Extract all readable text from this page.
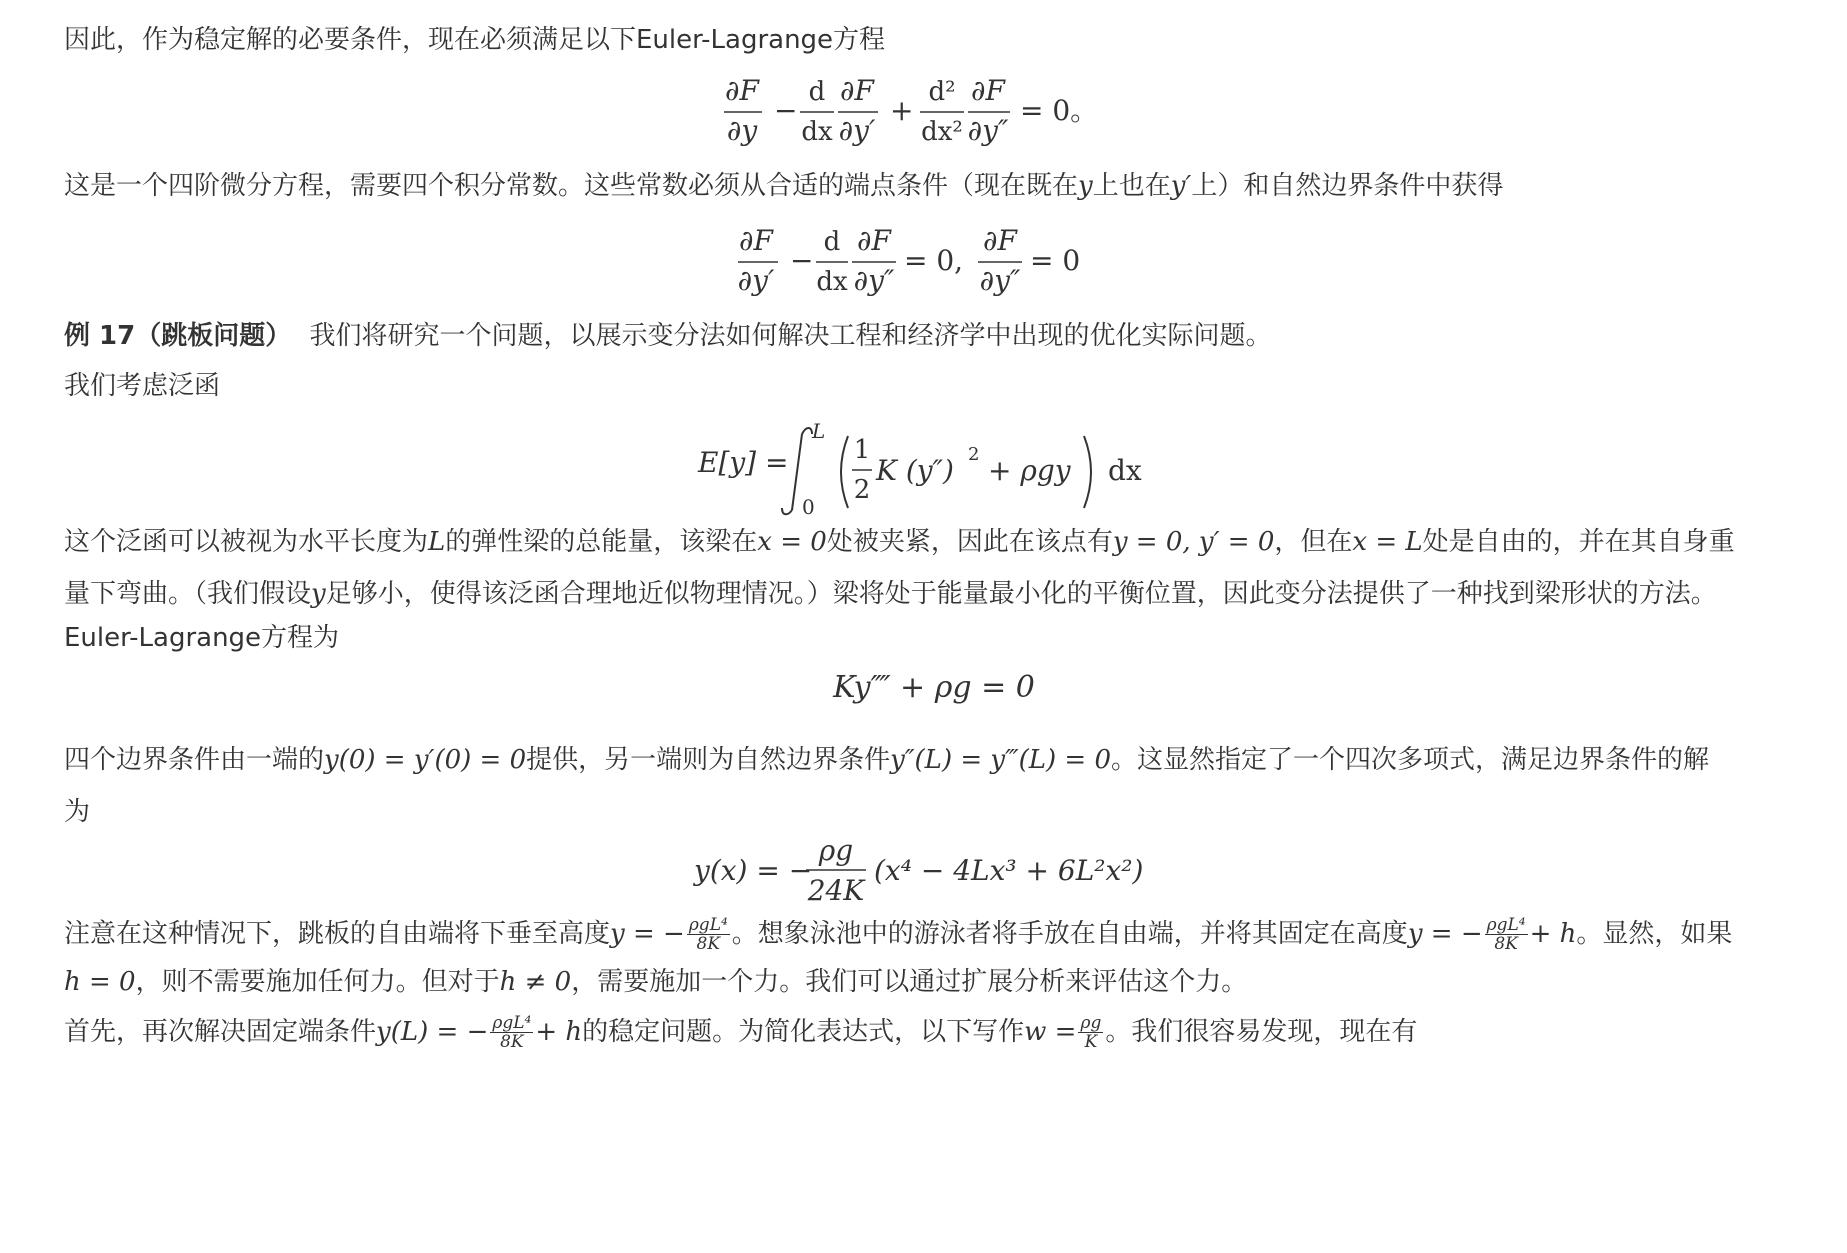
因此，作为稳定解的必要条件，现在必须满足以下Euler-Lagrange方程

∂F
∂y
−
d
dx
∂F
∂y′
+
d²
dx²
∂F
∂y″
= 0。

这是一个四阶微分方程，需要四个积分常数。这些常数必须从合适的端点条件（现在既在y上也在y′上）和自然边界条件中获得

∂F
∂y′
−
d
dx
∂F
∂y″
= 0,
∂F
∂y″
= 0

例 17（跳板问题） 我们将研究一个问题，以展示变分法如何解决工程和经济学中出现的优化实际问题。

我们考虑泛函

E[y] =
L
0
1
2
K (y″) 2 + ρgy dx

这个泛函可以被视为水平长度为L的弹性梁的总能量，该梁在x = 0处被夹紧，因此在该点有y = 0, y′ = 0，但在x = L处是自由的，并在其自身重
量下弯曲。（我们假设y足够小，使得该泛函合理地近似物理情况。）梁将处于能量最小化的平衡位置，因此变分法提供了一种找到梁形状的方法。

Euler-Lagrange方程为

Ky⁗ + ρg = 0

四个边界条件由一端的y(0) = y′(0) = 0提供，另一端则为自然边界条件y″(L) = y‴(L) = 0。这显然指定了一个四次多项式，满足边界条件的解
为

y(x) = −
ρg
24K
(x⁴ − 4Lx³ + 6L²x²)

注意在这种情况下，跳板的自由端将下垂至高度y = − $\frac{\text{ρgL⁴}}{8K}$ 。想象泳池中的游泳者将手放在自由端，并将其固定在高度y = − $\frac{\text{ρgL⁴}}{8K} + h$。显然，如果
h = 0，则不需要施加任何力。但对于h ≠ 0，需要施加一个力。我们可以通过扩展分析来评估这个力。

首先，再次解决固定端条件y(L) = − $\frac{\text{ρgL⁴}}{8K} + h$的稳定问题。为简化表达式，以下写作$w = \frac{\rho g}{K}$ 。我们很容易发现，现在有
